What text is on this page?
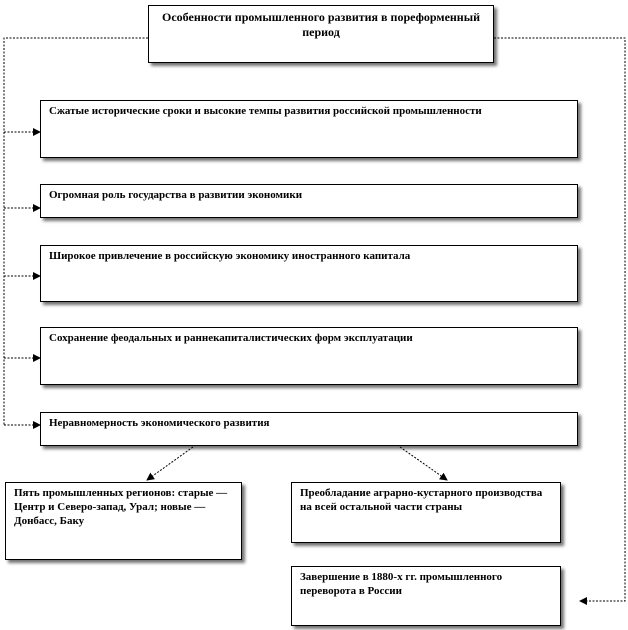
Особенности промышленного развития в пореформенный период
Сжатые исторические сроки и высокие темпы развития российской промышленности
Огромная роль государства в развитии экономики
Широкое привлечение в российскую экономику иностранного капитала
Сохранение феодальных и раннекапиталистических форм эксплуатации
Неравномерность экономического развития
Пять промышленных регионов: старые — Центр и Северо-запад, Урал; новые — Донбасс, Баку
Преобладание аграрно-кустарного производства на всей остальной части страны
Завершение в 1880-х гг. промышленного переворота в России
